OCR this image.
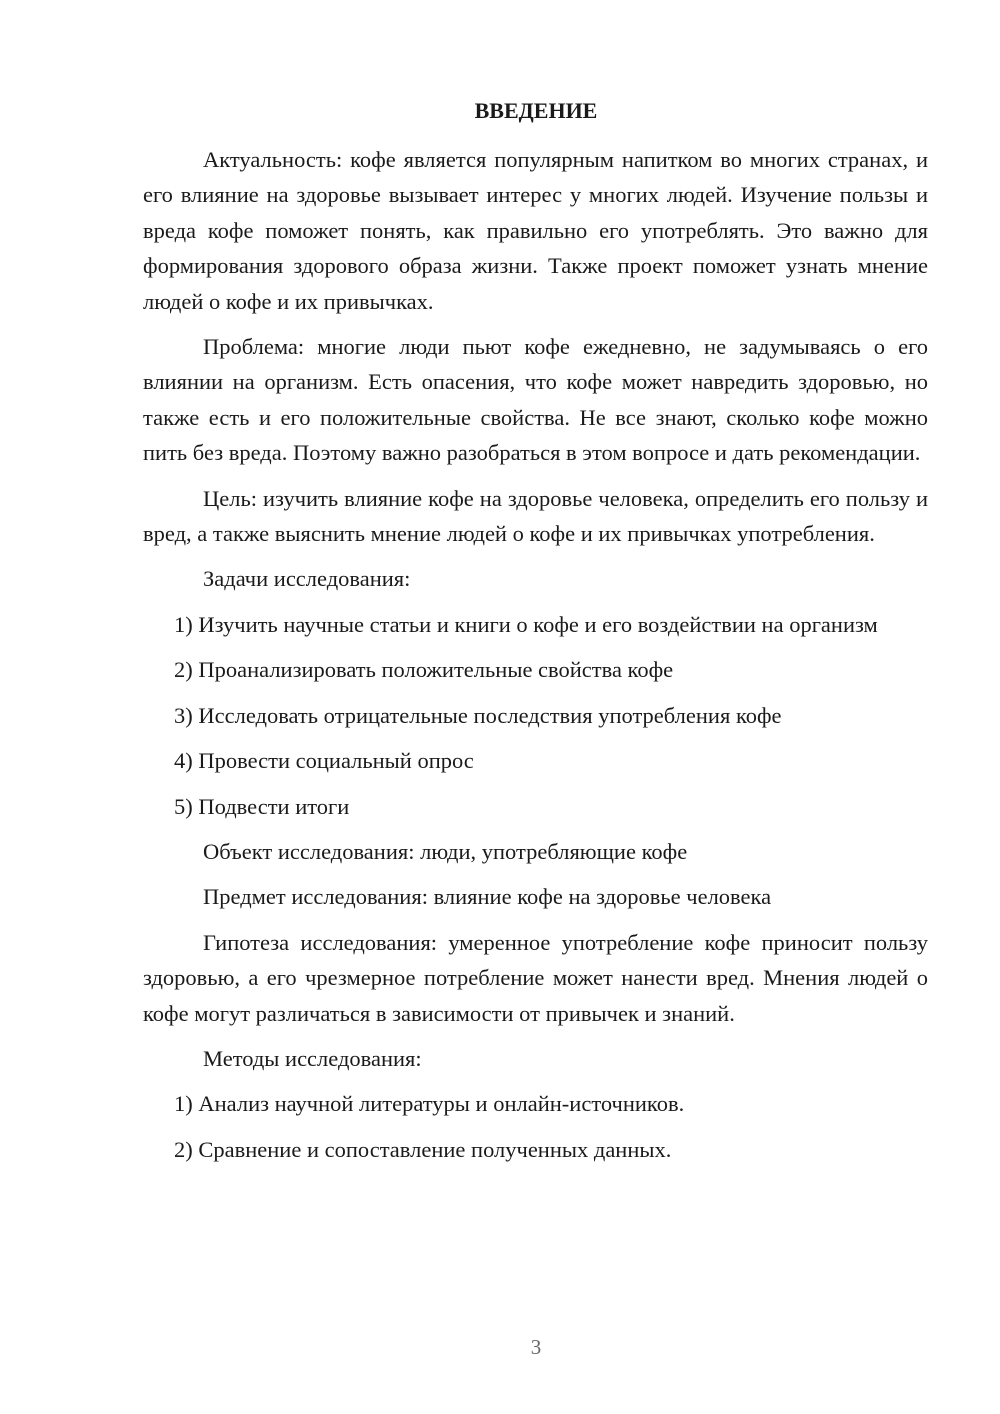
ВВЕДЕНИЕ

Актуальность: кофе является популярным напитком во многих странах, и его влияние на здоровье вызывает интерес у многих людей. Изучение пользы и вреда кофе поможет понять, как правильно его употреблять. Это важно для формирования здорового образа жизни. Также проект поможет узнать мнение людей о кофе и их привычках.

Проблема: многие люди пьют кофе ежедневно, не задумываясь о его влиянии на организм. Есть опасения, что кофе может навредить здоровью, но также есть и его положительные свойства. Не все знают, сколько кофе можно пить без вреда. Поэтому важно разобраться в этом вопросе и дать рекомендации.

Цель: изучить влияние кофе на здоровье человека, определить его пользу и вред, а также выяснить мнение людей о кофе и их привычках употребления.

Задачи исследования:

1) Изучить научные статьи и книги о кофе и его воздействии на организм

2) Проанализировать положительные свойства кофе

3) Исследовать отрицательные последствия употребления кофе

4) Провести социальный опрос

5) Подвести итоги

Объект исследования: люди, употребляющие кофе

Предмет исследования: влияние кофе на здоровье человека

Гипотеза исследования: умеренное употребление кофе приносит пользу здоровью, а его чрезмерное потребление может нанести вред. Мнения людей о кофе могут различаться в зависимости от привычек и знаний.

Методы исследования:

1) Анализ научной литературы и онлайн-источников.

2) Сравнение и сопоставление полученных данных.

3
